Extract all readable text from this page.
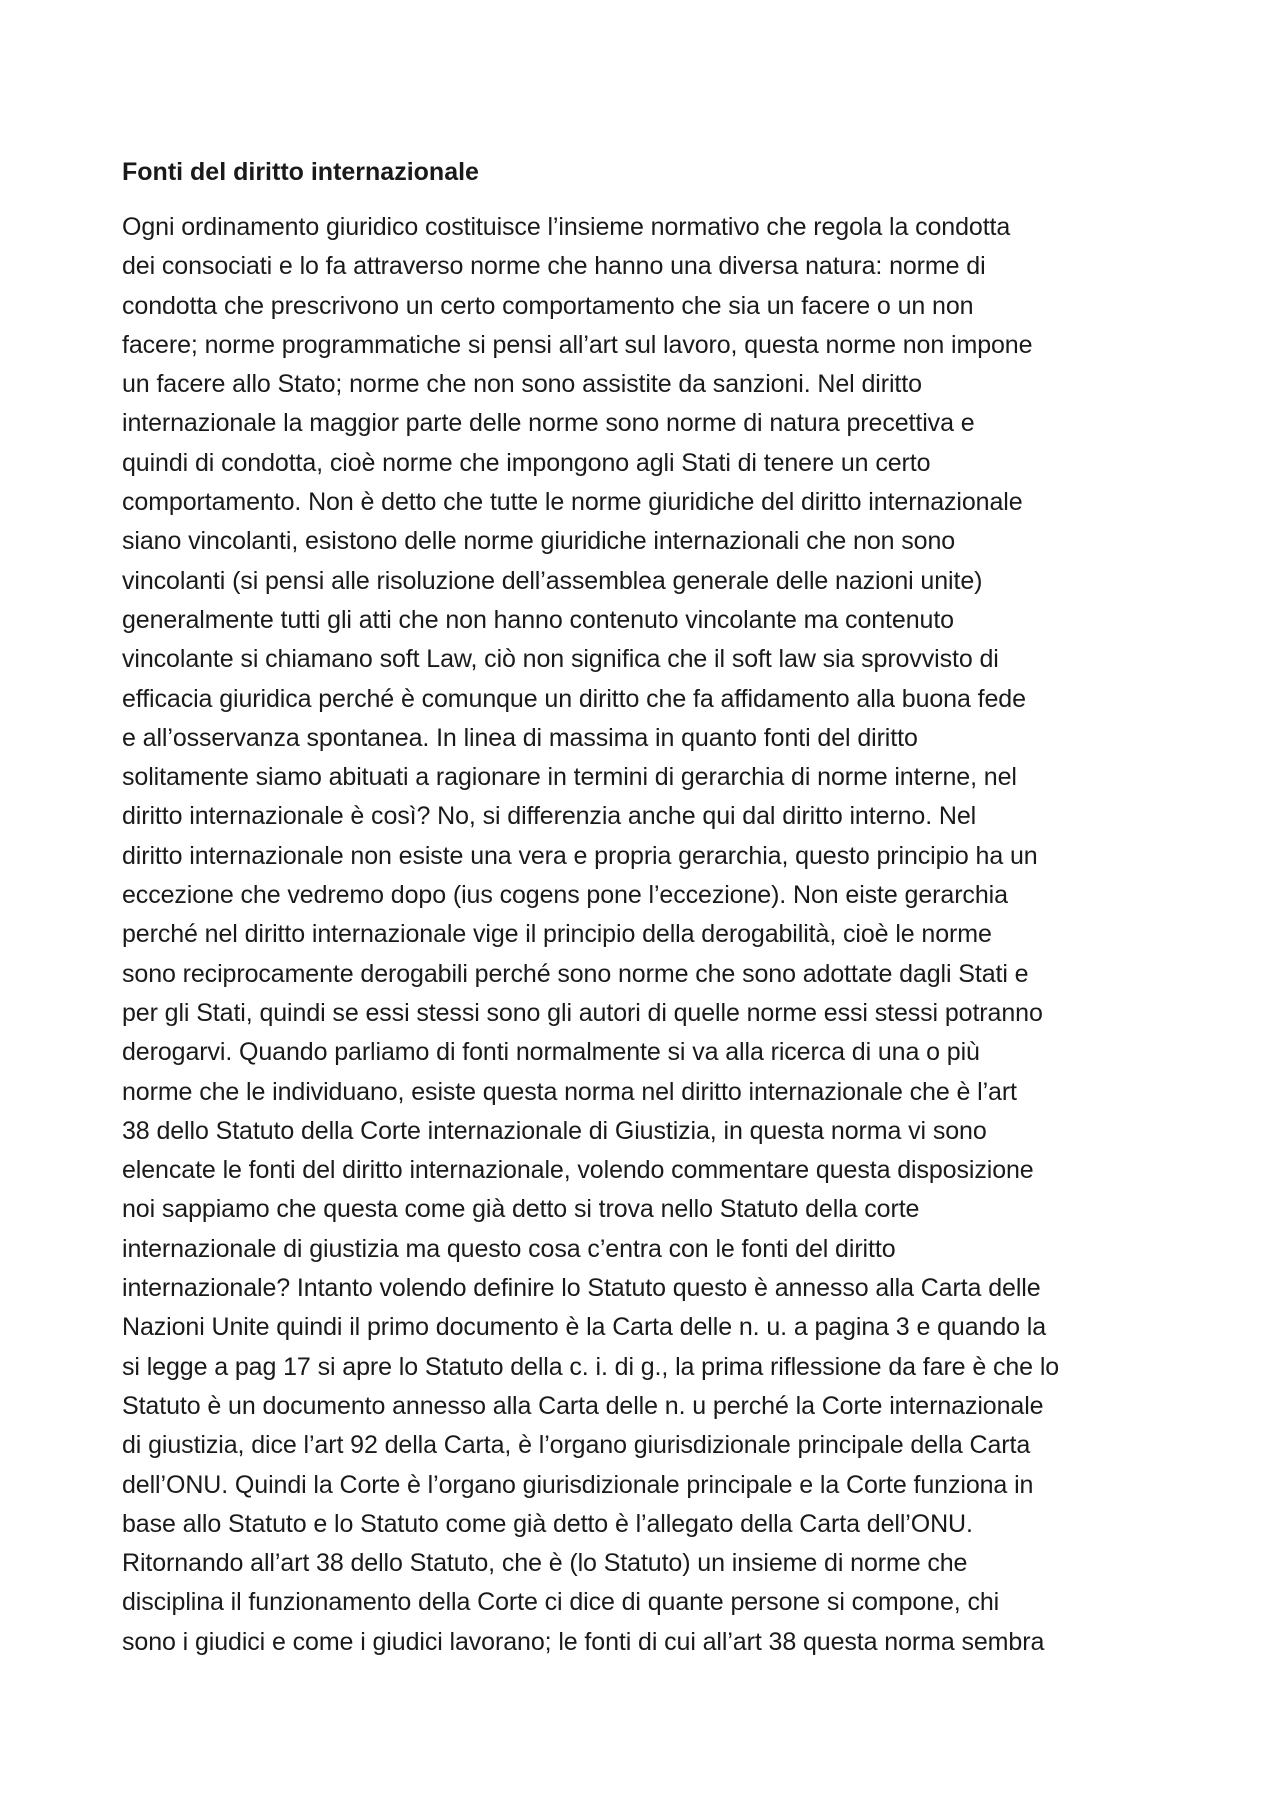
Fonti del diritto internazionale
Ogni ordinamento giuridico costituisce l’insieme normativo che regola la condotta
dei consociati e lo fa attraverso norme che hanno una diversa natura: norme di
condotta che prescrivono un certo comportamento che sia un facere o un non
facere; norme programmatiche si pensi all’art sul lavoro, questa norme non impone
un facere allo Stato; norme che non sono assistite da sanzioni. Nel diritto
internazionale la maggior parte delle norme sono norme di natura precettiva e
quindi di condotta, cioè norme che impongono agli Stati di tenere un certo
comportamento. Non è detto che tutte le norme giuridiche del diritto internazionale
siano vincolanti, esistono delle norme giuridiche internazionali che non sono
vincolanti (si pensi alle risoluzione dell’assemblea generale delle nazioni unite)
generalmente tutti gli atti che non hanno contenuto vincolante ma contenuto
vincolante si chiamano soft Law, ciò non significa che il soft law sia sprovvisto di
efficacia giuridica perché è comunque un diritto che fa affidamento alla buona fede
e all’osservanza spontanea. In linea di massima in quanto fonti del diritto
solitamente siamo abituati a ragionare in termini di gerarchia di norme interne, nel
diritto internazionale è così? No, si differenzia anche qui dal diritto interno. Nel
diritto internazionale non esiste una vera e propria gerarchia, questo principio ha un
eccezione che vedremo dopo (ius cogens pone l’eccezione). Non eiste gerarchia
perché nel diritto internazionale vige il principio della derogabilità, cioè le norme
sono reciprocamente derogabili perché sono norme che sono adottate dagli Stati e
per gli Stati, quindi se essi stessi sono gli autori di quelle norme essi stessi potranno
derogarvi. Quando parliamo di fonti normalmente si va alla ricerca di una o più
norme che le individuano, esiste questa norma nel diritto internazionale che è l’art
38 dello Statuto della Corte internazionale di Giustizia, in questa norma vi sono
elencate le fonti del diritto internazionale, volendo commentare questa disposizione
noi sappiamo che questa come già detto si trova nello Statuto della corte
internazionale di giustizia ma questo cosa c’entra con le fonti del diritto
internazionale? Intanto volendo definire lo Statuto questo è annesso alla Carta delle
Nazioni Unite quindi il primo documento è la Carta delle n. u. a pagina 3 e quando la
si legge a pag 17 si apre lo Statuto della c. i. di g., la prima riflessione da fare è che lo
Statuto è un documento annesso alla Carta delle n. u perché la Corte internazionale
di giustizia, dice l’art 92 della Carta, è l’organo giurisdizionale principale della Carta
dell’ONU. Quindi la Corte è l’organo giurisdizionale principale e la Corte funziona in
base allo Statuto e lo Statuto come già detto è l’allegato della Carta dell’ONU.
Ritornando all’art 38 dello Statuto, che è (lo Statuto) un insieme di norme che
disciplina il funzionamento della Corte ci dice di quante persone si compone, chi
sono i giudici e come i giudici lavorano; le fonti di cui all’art 38 questa norma sembra
